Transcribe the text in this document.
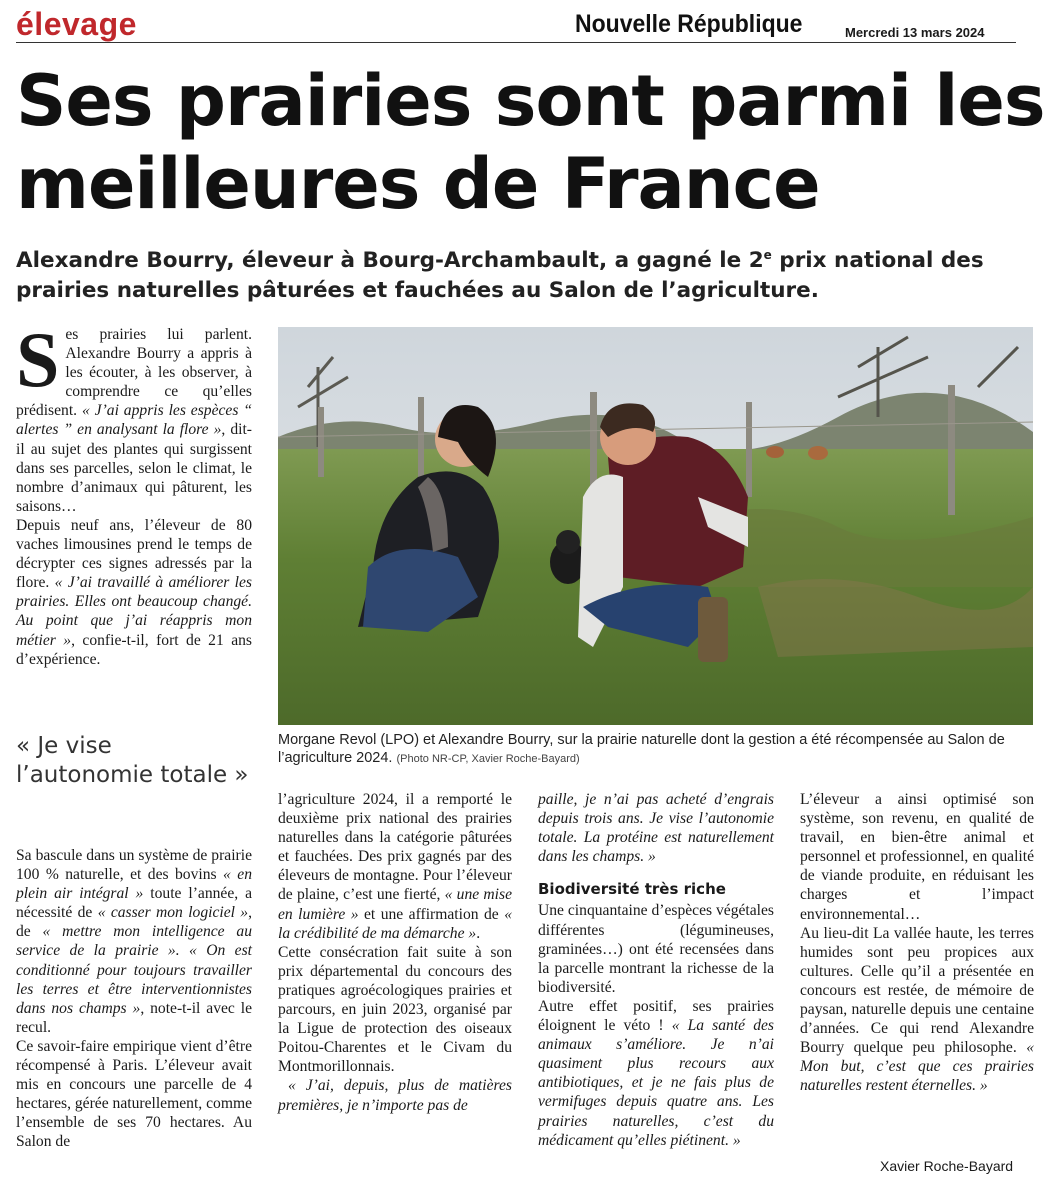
élevage	Nouvelle République	Mercredi 13 mars 2024
Ses prairies sont parmi les meilleures de France

Alexandre Bourry, éleveur à Bourg-Archambault, a gagné le 2e prix national des prairies naturelles pâturées et fauchées au Salon de l’agriculture.

Ses prairies lui parlent. Alexandre Bourry a appris à les écouter, à les observer, à comprendre ce qu’elles prédisent. « J’ai appris les espèces “ alertes ” en analysant la flore », dit-il au sujet des plantes qui surgissent dans ses parcelles, selon le climat, le nombre d’animaux qui pâturent, les saisons…

Depuis neuf ans, l’éleveur de 80 vaches limousines prend le temps de décrypter ces signes adressés par la flore. « J’ai travaillé à améliorer les prairies. Elles ont beaucoup changé. Au point que j’ai réappris mon métier », confie-t-il, fort de 21 ans d’expérience.

« Je vise l’autonomie totale »

Sa bascule dans un système de prairie 100 % naturelle, et des bovins « en plein air intégral » toute l’année, a nécessité de « casser mon logiciel », de « mettre mon intelligence au service de la prairie ». « On est conditionné pour toujours travailler les terres et être interventionnistes dans nos champs », note-t-il avec le recul.

Ce savoir-faire empirique vient d’être récompensé à Paris. L’éleveur avait mis en concours une parcelle de 4 hectares, gérée naturellement, comme l’ensemble de ses 70 hectares. Au Salon de

Morgane Revol (LPO) et Alexandre Bourry, sur la prairie naturelle dont la gestion a été récompensée au Salon de l’agriculture 2024. (Photo NR-CP, Xavier Roche-Bayard)

l’agriculture 2024, il a remporté le deuxième prix national des prairies naturelles dans la catégorie pâturées et fauchées. Des prix gagnés par des éleveurs de montagne. Pour l’éleveur de plaine, c’est une fierté, « une mise en lumière » et une affirmation de « la crédibilité de ma démarche ».

Cette consécration fait suite à son prix départemental du concours des pratiques agroécologiques prairies et parcours, en juin 2023, organisé par la Ligue de protection des oiseaux Poitou-Charentes et le Civam du Montmorillonnais.

« J’ai, depuis, plus de matières premières, je n’importe pas de

paille, je n’ai pas acheté d’engrais depuis trois ans. Je vise l’autonomie totale. La protéine est naturellement dans les champs. »

Biodiversité très riche

Une cinquantaine d’espèces végétales différentes (légumineuses, graminées…) ont été recensées dans la parcelle montrant la richesse de la biodiversité.

Autre effet positif, ses prairies éloignent le véto ! « La santé des animaux s’améliore. Je n’ai quasiment plus recours aux antibiotiques, et je ne fais plus de vermifuges depuis quatre ans. Les prairies naturelles, c’est du médicament qu’elles piétinent. »

L’éleveur a ainsi optimisé son système, son revenu, en qualité de travail, en bien-être animal et personnel et professionnel, en qualité de viande produite, en réduisant les charges et l’impact environnemental…

Au lieu-dit La vallée haute, les terres humides sont peu propices aux cultures. Celle qu’il a présentée en concours est restée, de mémoire de paysan, naturelle depuis une centaine d’années. Ce qui rend Alexandre Bourry quelque peu philosophe. « Mon but, c’est que ces prairies naturelles restent éternelles. »

Xavier Roche-Bayard
